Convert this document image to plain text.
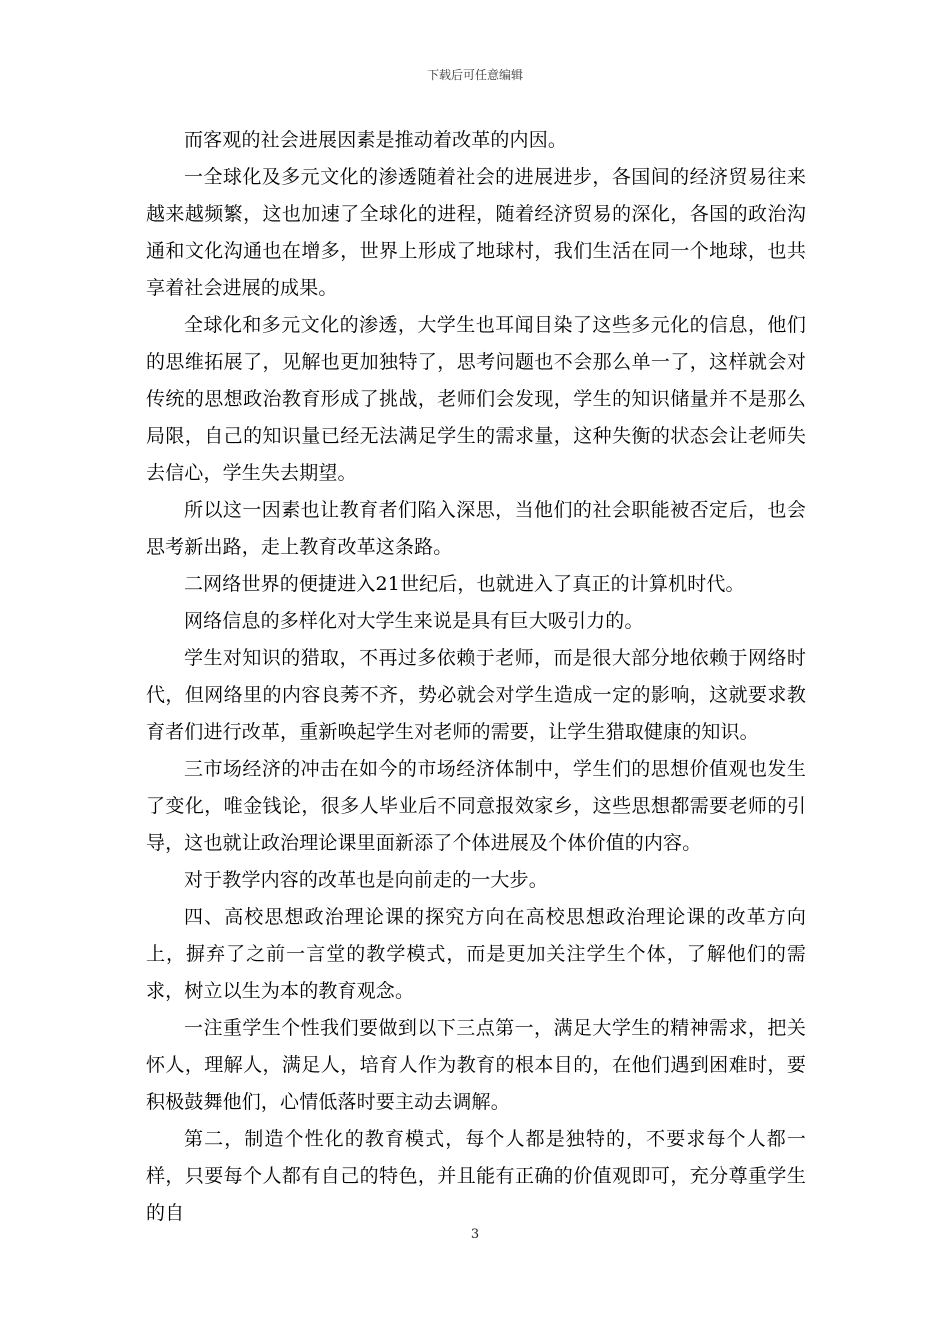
下载后可任意编辑

而客观的社会进展因素是推动着改革的内因。

一全球化及多元文化的渗透随着社会的进展进步，各国间的经济贸易往来越来越频繁，这也加速了全球化的进程，随着经济贸易的深化，各国的政治沟通和文化沟通也在增多，世界上形成了地球村，我们生活在同一个地球，也共享着社会进展的成果。

全球化和多元文化的渗透，大学生也耳闻目染了这些多元化的信息，他们的思维拓展了，见解也更加独特了，思考问题也不会那么单一了，这样就会对传统的思想政治教育形成了挑战，老师们会发现，学生的知识储量并不是那么局限，自己的知识量已经无法满足学生的需求量，这种失衡的状态会让老师失去信心，学生失去期望。

所以这一因素也让教育者们陷入深思，当他们的社会职能被否定后，也会思考新出路，走上教育改革这条路。

二网络世界的便捷进入21世纪后，也就进入了真正的计算机时代。

网络信息的多样化对大学生来说是具有巨大吸引力的。

学生对知识的猎取，不再过多依赖于老师，而是很大部分地依赖于网络时代，但网络里的内容良莠不齐，势必就会对学生造成一定的影响，这就要求教育者们进行改革，重新唤起学生对老师的需要，让学生猎取健康的知识。

三市场经济的冲击在如今的市场经济体制中，学生们的思想价值观也发生了变化，唯金钱论，很多人毕业后不同意报效家乡，这些思想都需要老师的引导，这也就让政治理论课里面新添了个体进展及个体价值的内容。

对于教学内容的改革也是向前走的一大步。

四、高校思想政治理论课的探究方向在高校思想政治理论课的改革方向上，摒弃了之前一言堂的教学模式，而是更加关注学生个体，了解他们的需求，树立以生为本的教育观念。

一注重学生个性我们要做到以下三点第一，满足大学生的精神需求，把关怀人，理解人，满足人，培育人作为教育的根本目的，在他们遇到困难时，要积极鼓舞他们，心情低落时要主动去调解。

第二，制造个性化的教育模式，每个人都是独特的，不要求每个人都一样，只要每个人都有自己的特色，并且能有正确的价值观即可，充分尊重学生的自

3
